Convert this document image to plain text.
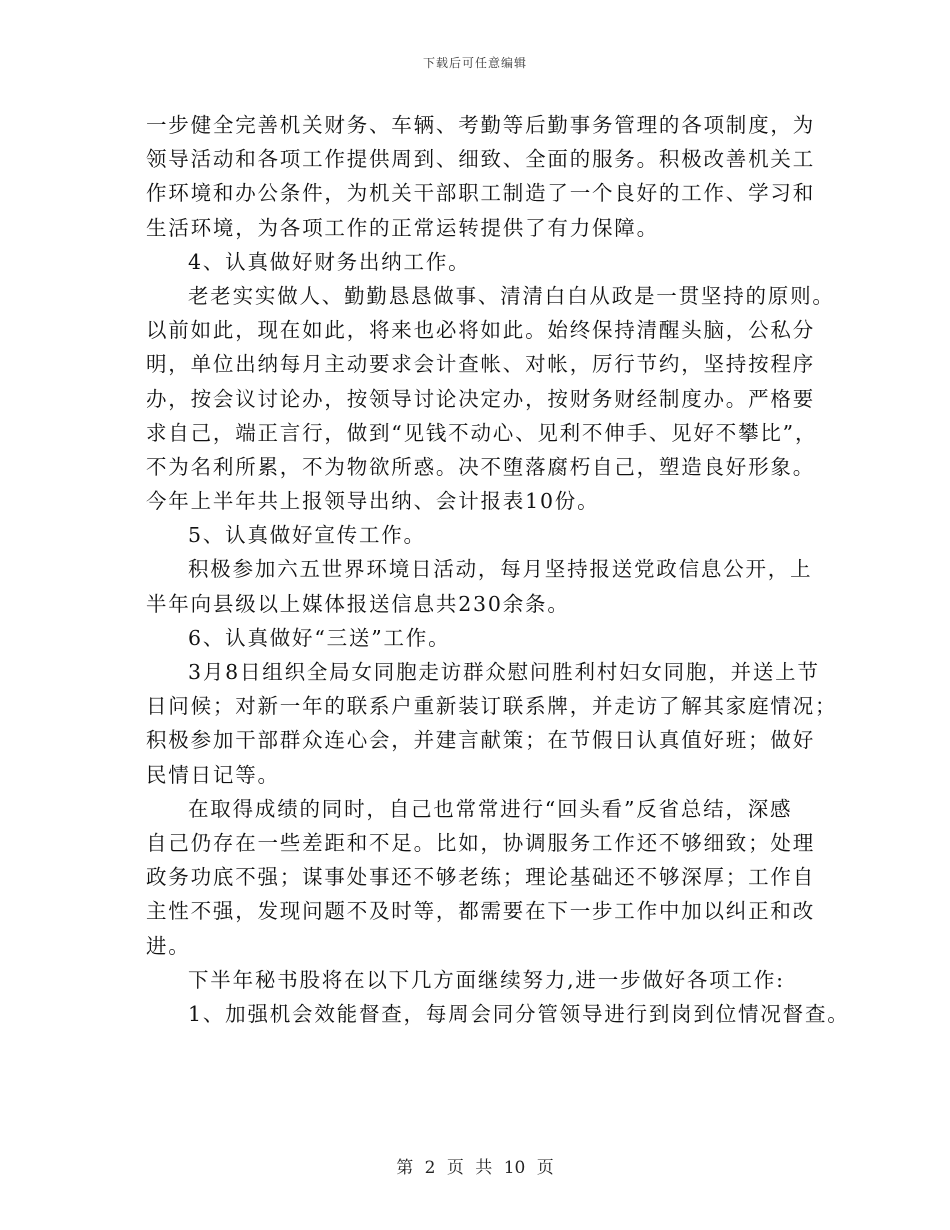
下载后可任意编辑
一步健全完善机关财务、车辆、考勤等后勤事务管理的各项制度，为
领导活动和各项工作提供周到、细致、全面的服务。积极改善机关工
作环境和办公条件，为机关干部职工制造了一个良好的工作、学习和
生活环境，为各项工作的正常运转提供了有力保障。
4、认真做好财务出纳工作。
老老实实做人、勤勤恳恳做事、清清白白从政是一贯坚持的原则。
以前如此，现在如此，将来也必将如此。始终保持清醒头脑，公私分
明，单位出纳每月主动要求会计查帐、对帐，厉行节约，坚持按程序
办，按会议讨论办，按领导讨论决定办，按财务财经制度办。严格要
求自己，端正言行，做到“见钱不动心、见利不伸手、见好不攀比”，
不为名利所累，不为物欲所惑。决不堕落腐朽自己，塑造良好形象。
今年上半年共上报领导出纳、会计报表10份。
5、认真做好宣传工作。
积极参加六五世界环境日活动，每月坚持报送党政信息公开，上
半年向县级以上媒体报送信息共230余条。
6、认真做好“三送”工作。
3月8日组织全局女同胞走访群众慰问胜利村妇女同胞，并送上节
日问候；对新一年的联系户重新装订联系牌，并走访了解其家庭情况；
积极参加干部群众连心会，并建言献策；在节假日认真值好班；做好
民情日记等。
在取得成绩的同时，自己也常常进行“回头看”反省总结，深感
自己仍存在一些差距和不足。比如，协调服务工作还不够细致；处理
政务功底不强；谋事处事还不够老练；理论基础还不够深厚；工作自
主性不强，发现问题不及时等，都需要在下一步工作中加以纠正和改
进。
下半年秘书股将在以下几方面继续努力,进一步做好各项工作:
1、加强机会效能督查，每周会同分管领导进行到岗到位情况督查。
第 2 页 共 10 页
